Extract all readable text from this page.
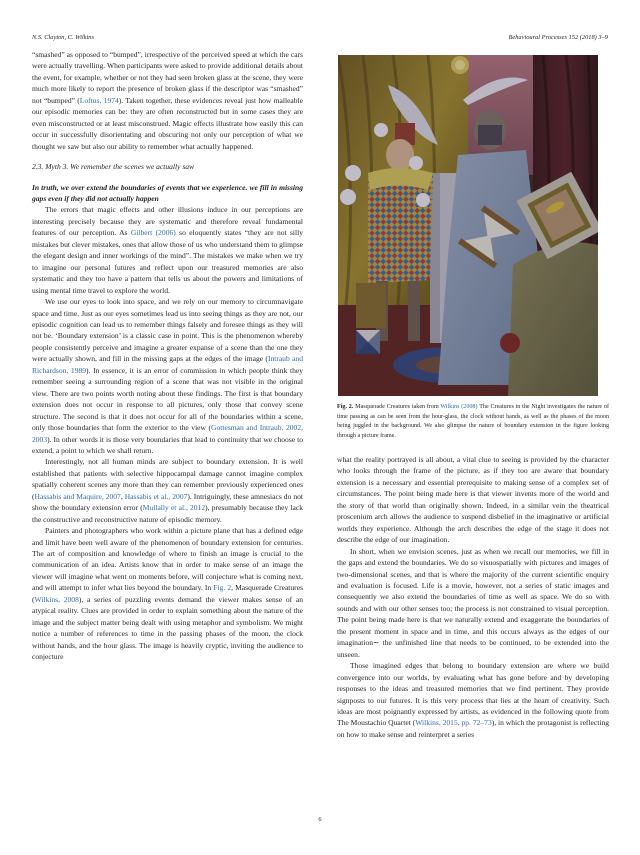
N.S. Clayton, C. Wilkins	Behavioural Processes 152 (2018) 3–9

“smashed” as opposed to “bumped”, irrespective of the perceived speed at which the cars were actually travelling. When participants were asked to provide additional details about the event, for example, whether or not they had seen broken glass at the scene, they were much more likely to report the presence of broken glass if the descriptor was “smashed” not “bumped” (Loftus, 1974). Taken together, these evidences reveal just how malleable our episodic memories can be: they are often reconstructed but in some cases they are even misconstructed or at least misconstrued. Magic effects illustrate how easily this can occur in successfully disorientating and obscuring not only our perception of what we thought we saw but also our ability to remember what actually happened.

2.3. Myth 3. We remember the scenes we actually saw

In truth, we over extend the boundaries of events that we experience. we fill in missing gaps even if they did not actually happen

The errors that magic effects and other illusions induce in our perceptions are interesting precisely because they are systematic and therefore reveal fundamental features of our perception. As Gilbert (2006) so eloquently states “they are not silly mistakes but clever mistakes, ones that allow those of us who understand them to glimpse the elegant design and inner workings of the mind”. The mistakes we make when we try to imagine our personal futures and reflect upon our treasured memories are also systematic and they too have a pattern that tells us about the powers and limitations of using mental time travel to explore the world.

We use our eyes to look into space, and we rely on our memory to circumnavigate space and time. Just as our eyes sometimes lead us into seeing things as they are not, our episodic cognition can lead us to remember things falsely and foresee things as they will not be. ‘Boundary extension’ is a classic case in point. This is the phenomenon whereby people consistently perceive and imagine a greater expanse of a scene than the one they were actually shown, and fill in the missing gaps at the edges of the image (Intraub and Richardson, 1989). In essence, it is an error of commission in which people think they remember seeing a surrounding region of a scene that was not visible in the original view. There are two points worth noting about these findings. The first is that boundary extension does not occur in response to all pictures, only those that convey scene structure. The second is that it does not occur for all of the boundaries within a scene, only those boundaries that form the exterior to the view (Gottesman and Intraub, 2002, 2003). In other words it is those very boundaries that lead to continuity that we choose to extend, a point to which we shall return.

Interestingly, not all human minds are subject to boundary extension. It is well established that patients with selective hippocampal damage cannot imagine complex spatially coherent scenes any more than they can remember previously experienced ones (Hassabis and Maquire, 2007, Hassabis et al., 2007). Intriguingly, these amnesiacs do not show the boundary extension error (Mullally et al., 2012), presumably because they lack the constructive and reconstructive nature of episodic memory.

Painters and photographers who work within a picture plane that has a defined edge and limit have been well aware of the phenomenon of boundary extension for centuries. The art of composition and knowledge of where to finish an image is crucial to the communication of an idea. Artists know that in order to make sense of an image the viewer will imagine what went on moments before, will conjecture what is coming next, and will attempt to infer what lies beyond the boundary. In Fig. 2, Masquerade Creatures (Wilkins, 2008), a series of puzzling events demand the viewer makes sense of an atypical reality. Clues are provided in order to explain something about the nature of the image and the subject matter being dealt with using metaphor and symbolism. We might notice a number of references to time in the passing phases of the moon, the clock without hands, and the hour glass. The image is heavily cryptic, inviting the audience to conjecture

Fig. 2. Masquerade Creatures taken from Wilkins (2008) The Creatures in the Night investigates the nature of time passing as can be seen from the hour-glass, the clock without hands, as well as the phases of the moon being juggled in the background. We also glimpse the nature of boundary extension in the figure looking through a picture frame.

what the reality portrayed is all about, a vital clue to seeing is provided by the character who looks through the frame of the picture, as if they too are aware that boundary extension is a necessary and essential prerequisite to making sense of a complex set of circumstances. The point being made here is that viewer invents more of the world and the story of that world than originally shown. Indeed, in a similar vein the theatrical proscenium arch allows the audience to suspend disbelief in the imaginative or artificial worlds they experience. Although the arch describes the edge of the stage it does not describe the edge of our imagination.

In short, when we envision scenes, just as when we recall our memories, we fill in the gaps and extend the boundaries. We do so visuospatially with pictures and images of two-dimensional scenes, and that is where the majority of the current scientific enquiry and evaluation is focused. Life is a movie, however, not a series of static images and consequently we also extend the boundaries of time as well as space. We do so with sounds and with our other senses too; the process is not constrained to visual perception. The point being made here is that we naturally extend and exaggerate the boundaries of the present moment in space and in time, and this occurs always as the edges of our imagination∼ the unfinished line that needs to be continued, to be extended into the unseen.

Those imagined edges that belong to boundary extension are where we build convergence into our worlds, by evaluating what has gone before and by developing responses to the ideas and treasured memories that we find pertinent. They provide signposts to our futures. It is this very process that lies at the heart of creativity. Such ideas are most poignantly expressed by artists, as evidenced in the following quote from The Moustachio Quartet (Wilkins, 2015, pp. 72–73), in which the protagonist is reflecting on how to make sense and reinterpret a series

6
